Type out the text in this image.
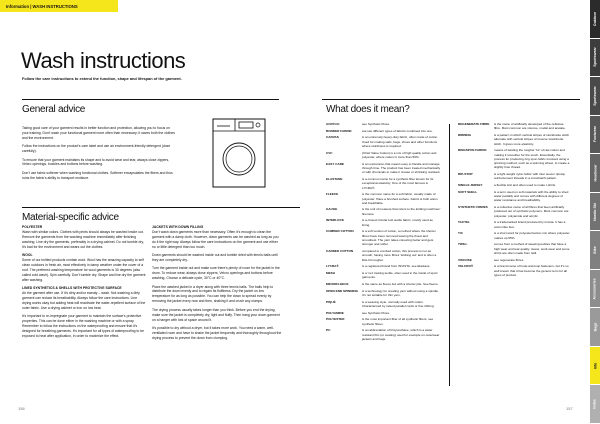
Information | WASH INSTRUCTIONS
Wash instructions
Follow the care instructions to extend the function, shape and lifespan of the garment.
General advice

Taking good care of your garment results in better function and protection, allowing you to focus on your training. Don't wash your functional garment more often than necessary; it saves both the clothes and the environment.

Follow the instructions on the product's care label and use an environment-friendly detergent (dose carefully).

To ensure that your garment maintains its shape and to avoid wear and tear, always close zippers, Velcro openings, buckles and buttons before washing.

Don't use fabric softener when washing functional clothes. Softener encapsulates the fibers and thus ruins the fabric's ability to transport moisture.

Material-specific advice
POLYESTER

Wash with similar colors. Clothes with prints should always be washed inside out. Remove the garments from the washing machine immediately after finishing washing. Line dry the garments, preferably in a drying cabinet. Do not tumble dry, it's bad for the environment and wears out the clothes.

WOOL

Some of our knitted products contain wool. Wool has the amazing capacity to self clean outdoors in fresh air, most effectively in damp weather under the cover of a roof. The preferred washing temperature for wool garments is 30 degrees (also called cold wash). Spin carefully. Don't tumble dry. Shape and line dry the garment after washing.

LINED SYNTHETICS & SHELLS WITH PROTECTIVE SURFACE

Air the garment after use. If it's dirty and/or sweaty – wash. Not washing a dirty garment can reduce its breathability. Always follow the care instructions. Line drying works okay but adding heat will reactivate the water-repellent surface of the outer fabric. Use a drying cabinet or iron on low heat.

It's important to re-impregnate your garment to maintain the surface's protective properties. This can be done either in the washing machine or with a spray. Remember to follow the instructions on the waterproofing and ensure that it's designed for breathing garments. It's important for all types of waterproofing to be exposed to heat after application, in order to maximize the effect.

JACKETS WITH DOWN FILLING

Don't wash down garments more than necessary. Often it's enough to clean the garment with a damp cloth. However, down garments can be washed as long as you do it the right way. Always follow the care instructions on the garment and use either no or little detergent than too much.

Down garments should be washed inside out and tumble dried with tennis balls until they are completely dry.

Turn the garment inside out and make sure there's plenty of room for the jacket in the drum. To reduce wear, always close zippers, Velcro openings and buttons before washing. Choose a delicate cycle, 30°C or 40°C.

Place the washed jacket in a dryer along with three tennis balls. The balls help to distribute the down evenly and to regain its fluffiness. Dry the jacket on low temperature for as long as possible. You can help the down to spread evenly by removing the jacket every now and then, shaking it and crush any clumps.

The drying process usually takes longer than you think. Before you end the drying, make sure the jacket is completely dry, light and fluffy. Then hang your down garment on a hanger with lots of space around it.

It's possible to dry without a dryer, but it takes more work. You need a warm, well-ventilated room and have to shake the jacket frequently and thoroughly throughout the drying process to prevent the down from clumping.

156
What does it mean?
ACRYLIC	see Synthetic fibres.
BONDED FABRIC	are two different types of fabrics combined into one.
CANVAS	is an extremely heavy-duty fabric, often made of cotton. Used for making sails, bags, shoes and other functions where sturdiness is required.
CVC	(Chief Value Cotton) is a mix of high quality cotton and polyester, where cotton is more than 50%.
EASY CARE	is an expression that means easy to handle and manage through time. The product has been treated mechanically or with chemicals to make it crease or shrinking resistant.
ELASTANE	is a common name for a synthetic fiber known for its exceptional elasticity. One of the most famous is LYCRA®.
FLEECE	is the common name for a soft fabric, usually made of polyester. Have a brushed surface. Fabric is both warm and breathable.
GAUGE	is the unit of measure that refers to the knitting machines' fineness.
INTERLOCK	is a closed circular knit textile fabric, mostly used as lining.
COMBED COTTON	is a soft version of cotton, a method where the shorter fibres have been removed leaving the finest and smoothest. The yarn takes colouring better and gets stronger and softer.
CARDED COTTON	compared to combed cotton, this process is not as smooth, having more fibres 'sticking out' and is often a little bit rougher.
LYCRA®	is a registered brand from INVISTA, see Elastane.
MESH	is a 'net' looking textile, often used in the inside of sport garments.
MICROFLEECE	is the same as fleece but with a shorter pile. See fleece.
OPEN END SPINNING	is a technology for creating yarn without using a spindle. It's not suitable for thin yarn.
PIQUÉ	is a weaving style, normally used with cotton. Characterized by raised parallel cords or fine ribbing.
POLYAMIDE	see Synthetic fibres.
POLYESTER	is the most important fiber of all synthetic fibers, see synthetic fibres.
PU	is an abbreviation of Polyurethane, which is a water resistant film (or coating) used for example on outerwear jackets and bags.
REGENERATE FIBRE	is the name of artificially developed of the cellulose fibre. Most common are viscose, modal and acetate.
RIBBING	is a pattern in which vertical stripes of stockinette stitch alternate with vertical stripes of reverse stockinette stitch. It gives more elasticity.
RINGSPUN FABRIC	means of twisting the rougher 'fur' of raw cotton and making it smoother for the touch. Essentially, the process for producing ring spun fabric involved using a spinning method, such as a spinning wheel, to create a slightly finer thread.
RIP-STOP	is a light weight nylon fabric with inter woven ripstop reinforcement threads in a crosshatch pattern.
SINGLE JERSEY	a flexible knit and often used to make t-shirts.
SOFT SHELL	is a term used on soft materials with the ability to shed water partially and comes with different degrees of water resistance and breathability.
SYNTHETIC FIBRES	is a collective name of all fibres that been artificially produced out of synthetic polymers. Most common are polyester, polyamide and acrylic.
TACTEL	is a trademarked brand produced by Invista. It has a cotton like feel.
T/C	is a short word for polyester/cotton mix where polyester makes up 65%.
TWILL	comes from a method of weaving textiles that have a high wear and tear quality. Jeans, work wear and some shirts are often made from twill.
VISCOSE	see regenerate fibres.
VELCRO®	is a brand name of hook-and-loop fasteners, but it's so well known that it has become the generic term for all types of product.
157
Outdoor
Sportswear
Sportswear
Footwear
Headwear
Nordic Ski
Bike
Accessories
Bags
Info
Index
